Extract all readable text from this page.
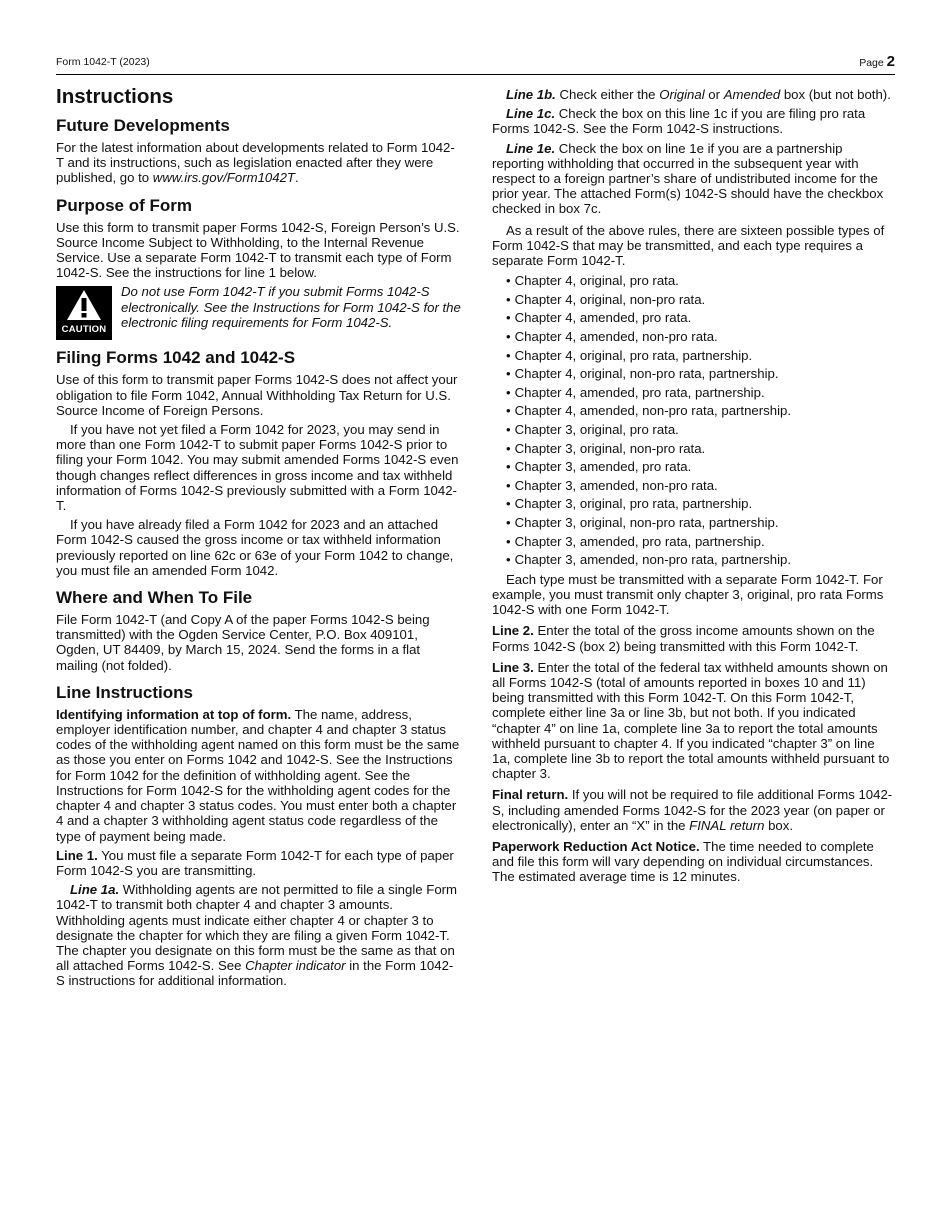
Form 1042-T (2023)	Page 2
Instructions
Future Developments

For the latest information about developments related to Form 1042-T and its instructions, such as legislation enacted after they were published, go to www.irs.gov/Form1042T.

Purpose of Form

Use this form to transmit paper Forms 1042-S, Foreign Person’s U.S. Source Income Subject to Withholding, to the Internal Revenue Service. Use a separate Form 1042-T to transmit each type of Form 1042-S. See the instructions for line 1 below.

CAUTION
Do not use Form 1042-T if you submit Forms 1042-S electronically. See the Instructions for Form 1042-S for the electronic filing requirements for Form 1042-S.
Filing Forms 1042 and 1042-S

Use of this form to transmit paper Forms 1042-S does not affect your obligation to file Form 1042, Annual Withholding Tax Return for U.S. Source Income of Foreign Persons.

If you have not yet filed a Form 1042 for 2023, you may send in more than one Form 1042-T to submit paper Forms 1042-S prior to filing your Form 1042. You may submit amended Forms 1042-S even though changes reflect differences in gross income and tax withheld information of Forms 1042-S previously submitted with a Form 1042-T.

If you have already filed a Form 1042 for 2023 and an attached Form 1042-S caused the gross income or tax withheld information previously reported on line 62c or 63e of your Form 1042 to change, you must file an amended Form 1042.

Where and When To File

File Form 1042-T (and Copy A of the paper Forms 1042-S being transmitted) with the Ogden Service Center, P.O. Box 409101, Ogden, UT 84409, by March 15, 2024. Send the forms in a flat mailing (not folded).

Line Instructions

Identifying information at top of form. The name, address, employer identification number, and chapter 4 and chapter 3 status codes of the withholding agent named on this form must be the same as those you enter on Forms 1042 and 1042-S. See the Instructions for Form 1042 for the definition of withholding agent. See the Instructions for Form 1042-S for the withholding agent codes for the chapter 4 and chapter 3 status codes. You must enter both a chapter 4 and a chapter 3 withholding agent status code regardless of the type of payment being made.

Line 1. You must file a separate Form 1042-T for each type of paper Form 1042-S you are transmitting.

Line 1a. Withholding agents are not permitted to file a single Form 1042-T to transmit both chapter 4 and chapter 3 amounts. Withholding agents must indicate either chapter 4 or chapter 3 to designate the chapter for which they are filing a given Form 1042-T. The chapter you designate on this form must be the same as that on all attached Forms 1042-S. See Chapter indicator in the Form 1042-S instructions for additional information.

Line 1b. Check either the Original or Amended box (but not both).

Line 1c. Check the box on this line 1c if you are filing pro rata Forms 1042-S. See the Form 1042-S instructions.

Line 1e. Check the box on line 1e if you are a partnership reporting withholding that occurred in the subsequent year with respect to a foreign partner’s share of undistributed income for the prior year. The attached Form(s) 1042-S should have the checkbox checked in box 7c.

As a result of the above rules, there are sixteen possible types of Form 1042-S that may be transmitted, and each type requires a separate Form 1042-T.

• Chapter 4, original, pro rata.
• Chapter 4, original, non-pro rata.
• Chapter 4, amended, pro rata.
• Chapter 4, amended, non-pro rata.
• Chapter 4, original, pro rata, partnership.
• Chapter 4, original, non-pro rata, partnership.
• Chapter 4, amended, pro rata, partnership.
• Chapter 4, amended, non-pro rata, partnership.
• Chapter 3, original, pro rata.
• Chapter 3, original, non-pro rata.
• Chapter 3, amended, pro rata.
• Chapter 3, amended, non-pro rata.
• Chapter 3, original, pro rata, partnership.
• Chapter 3, original, non-pro rata, partnership.
• Chapter 3, amended, pro rata, partnership.
• Chapter 3, amended, non-pro rata, partnership.

Each type must be transmitted with a separate Form 1042-T. For example, you must transmit only chapter 3, original, pro rata Forms 1042-S with one Form 1042-T.

Line 2. Enter the total of the gross income amounts shown on the Forms 1042-S (box 2) being transmitted with this Form 1042-T.

Line 3. Enter the total of the federal tax withheld amounts shown on all Forms 1042-S (total of amounts reported in boxes 10 and 11) being transmitted with this Form 1042-T. On this Form 1042-T, complete either line 3a or line 3b, but not both. If you indicated “chapter 4” on line 1a, complete line 3a to report the total amounts withheld pursuant to chapter 4. If you indicated “chapter 3” on line 1a, complete line 3b to report the total amounts withheld pursuant to chapter 3.

Final return. If you will not be required to file additional Forms 1042-S, including amended Forms 1042-S for the 2023 year (on paper or electronically), enter an “X” in the FINAL return box.

Paperwork Reduction Act Notice. The time needed to complete and file this form will vary depending on individual circumstances. The estimated average time is 12 minutes.
